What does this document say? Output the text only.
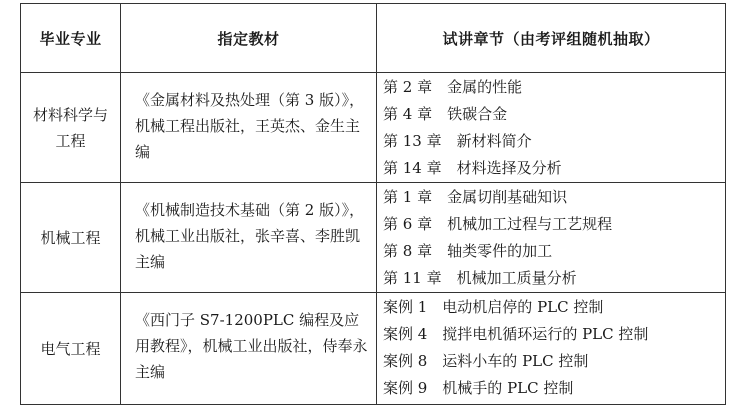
毕业专业	指定教材	试讲章节（由考评组随机抽取）
材料科学与工程	《金属材料及热处理（第 3 版）》，机械工程出版社，王英杰、金生主编	第 2 章　金属的性能
第 4 章　铁碳合金
第 13 章　新材料简介
第 14 章　材料选择及分析

机械工程	《机械制造技术基础（第 2 版）》，机械工业出版社，张辛喜、李胜凯主编	第 1 章　金属切削基础知识
第 6 章　机械加工过程与工艺规程
第 8 章　轴类零件的加工
第 11 章　机械加工质量分析

电气工程	《西门子 S7-1200PLC 编程及应用教程》，机械工业出版社，侍奉永主编	案例 1　电动机启停的 PLC 控制
案例 4　搅拌电机循环运行的 PLC 控制
案例 8　运料小车的 PLC 控制
案例 9　机械手的 PLC 控制
